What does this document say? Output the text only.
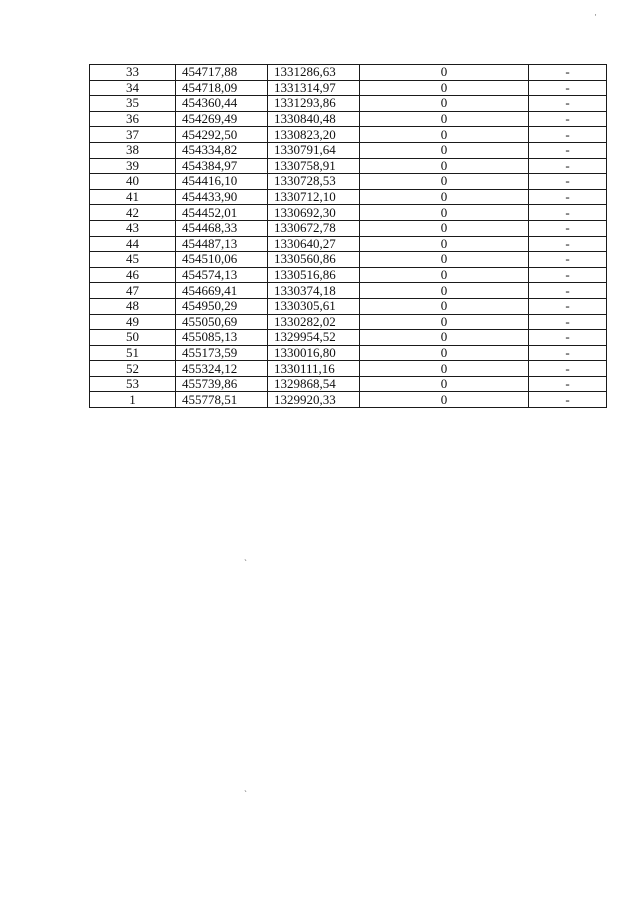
33	454717,88	1331286,63	0	-
34	454718,09	1331314,97	0	-
35	454360,44	1331293,86	0	-
36	454269,49	1330840,48	0	-
37	454292,50	1330823,20	0	-
38	454334,82	1330791,64	0	-
39	454384,97	1330758,91	0	-
40	454416,10	1330728,53	0	-
41	454433,90	1330712,10	0	-
42	454452,01	1330692,30	0	-
43	454468,33	1330672,78	0	-
44	454487,13	1330640,27	0	-
45	454510,06	1330560,86	0	-
46	454574,13	1330516,86	0	-
47	454669,41	1330374,18	0	-
48	454950,29	1330305,61	0	-
49	455050,69	1330282,02	0	-
50	455085,13	1329954,52	0	-
51	455173,59	1330016,80	0	-
52	455324,12	1330111,16	0	-
53	455739,86	1329868,54	0	-
1	455778,51	1329920,33	0	-
`
`
·
